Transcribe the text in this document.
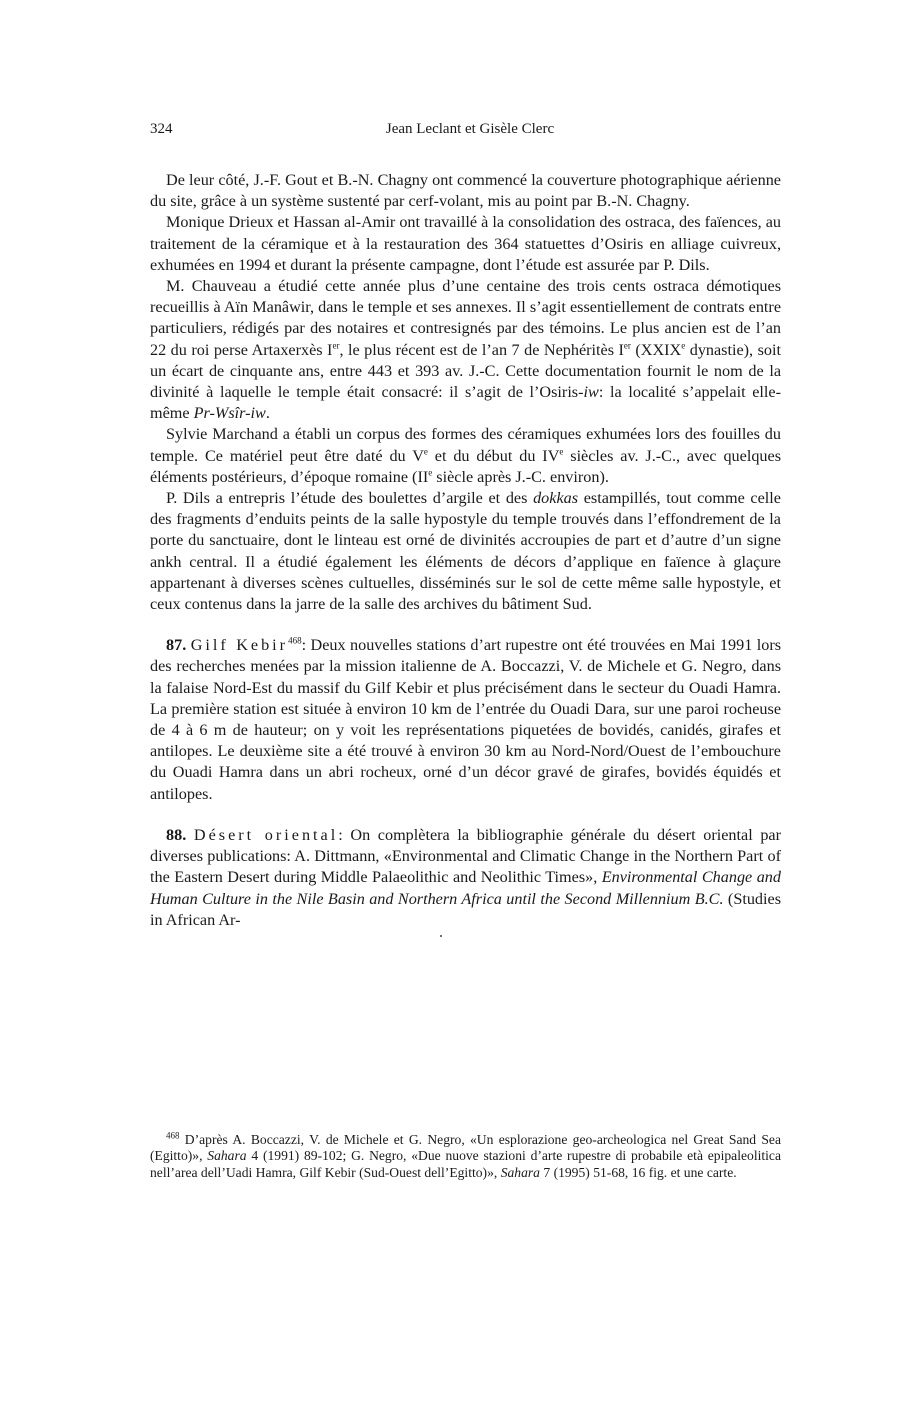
324	Jean Leclant et Gisèle Clerc

De leur côté, J.-F. Gout et B.-N. Chagny ont commencé la couverture photographique aérienne du site, grâce à un système sustenté par cerf-volant, mis au point par B.-N. Chagny.

Monique Drieux et Hassan al-Amir ont travaillé à la consolidation des ostraca, des faïences, au traitement de la céramique et à la restauration des 364 statuettes d’Osiris en alliage cuivreux, exhumées en 1994 et durant la présente campagne, dont l’étude est assurée par P. Dils.

M. Chauveau a étudié cette année plus d’une centaine des trois cents ostraca démotiques recueillis à Aïn Manâwir, dans le temple et ses annexes. Il s’agit essentiellement de contrats entre particuliers, rédigés par des notaires et contresignés par des témoins. Le plus ancien est de l’an 22 du roi perse Artaxerxès Ier, le plus récent est de l’an 7 de Nephéritès Ier (XXIXe dynastie), soit un écart de cinquante ans, entre 443 et 393 av. J.-C. Cette documentation fournit le nom de la divinité à laquelle le temple était consacré: il s’agit de l’Osiris-iw: la localité s’appelait elle-même Pr-Wsîr-iw.

Sylvie Marchand a établi un corpus des formes des céramiques exhumées lors des fouilles du temple. Ce matériel peut être daté du Ve et du début du IVe siècles av. J.-C., avec quelques éléments postérieurs, d’époque romaine (IIe siècle après J.-C. environ).

P. Dils a entrepris l’étude des boulettes d’argile et des dokkas estampillés, tout comme celle des fragments d’enduits peints de la salle hypostyle du temple trouvés dans l’effondrement de la porte du sanctuaire, dont le linteau est orné de divinités accroupies de part et d’autre d’un signe ankh central. Il a étudié également les éléments de décors d’applique en faïence à glaçure appartenant à diverses scènes cultuelles, disséminés sur le sol de cette même salle hypostyle, et ceux contenus dans la jarre de la salle des archives du bâtiment Sud.

87. Gilf Kebir$^{468}$: Deux nouvelles stations d’art rupestre ont été trouvées en Mai 1991 lors des recherches menées par la mission italienne de A. Boccazzi, V. de Michele et G. Negro, dans la falaise Nord-Est du massif du Gilf Kebir et plus précisément dans le secteur du Ouadi Hamra. La première station est située à environ 10 km de l’entrée du Ouadi Dara, sur une paroi rocheuse de 4 à 6 m de hauteur; on y voit les représentations piquetées de bovidés, canidés, girafes et antilopes. Le deuxième site a été trouvé à environ 30 km au Nord-Nord/Ouest de l’embouchure du Ouadi Hamra dans un abri rocheux, orné d’un décor gravé de girafes, bovidés équidés et antilopes.

88. Désert oriental: On complètera la bibliographie générale du désert oriental par diverses publications: A. Dittmann, «Environmental and Climatic Change in the Northern Part of the Eastern Desert during Middle Palaeolithic and Neolithic Times», Environmental Change and Human Culture in the Nile Basin and Northern Africa until the Second Millennium B.C. (Studies in African Ar-

$^{468}$ D’après A. Boccazzi, V. de Michele et G. Negro, «Un esplorazione geo-archeologica nel Great Sand Sea (Egitto)», Sahara 4 (1991) 89-102; G. Negro, «Due nuove stazioni d’arte rupestre di probabile età epipaleolitica nell’area dell’Uadi Hamra, Gilf Kebir (Sud-Ouest dell’Egitto)», Sahara 7 (1995) 51-68, 16 fig. et une carte.
